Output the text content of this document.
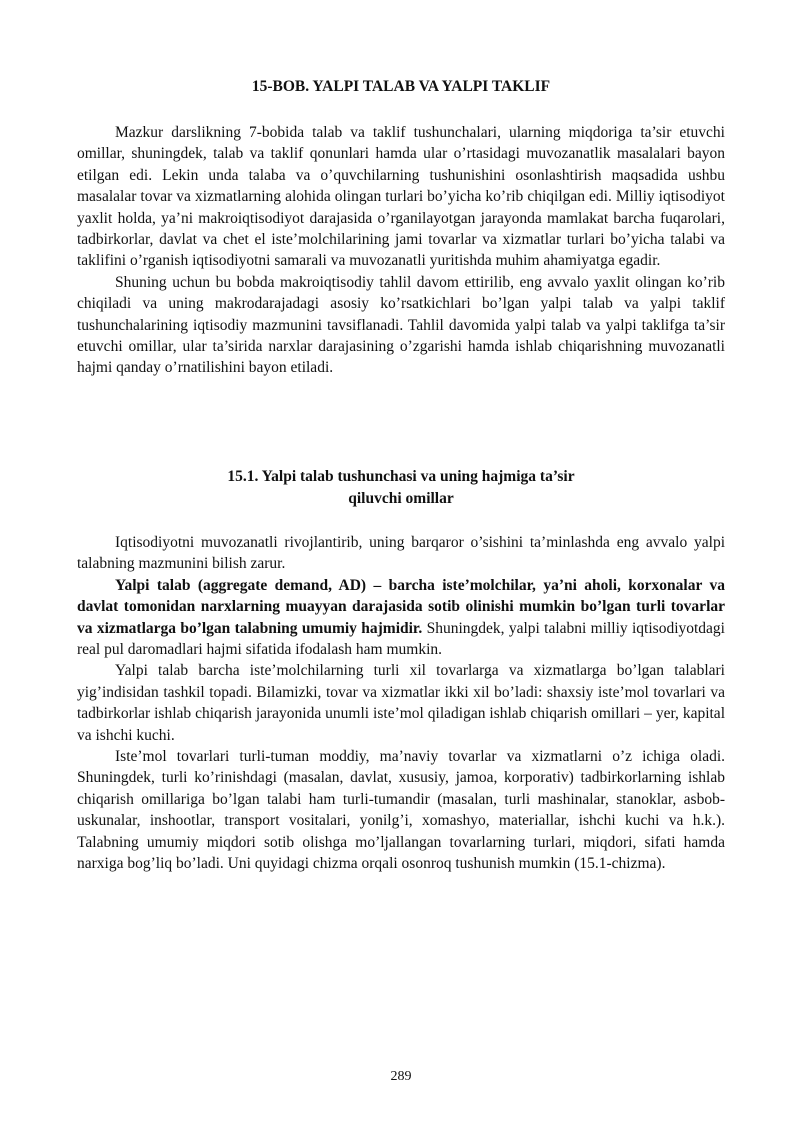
15-BOB. YALPI TALAB VA YALPI TAKLIF

Mazkur darslikning 7-bobida talab va taklif tushunchalari, ularning miqdoriga ta’sir etuvchi omillar, shuningdek, talab va taklif qonunlari hamda ular o’rtasidagi muvozanatlik masalalari bayon etilgan edi. Lekin unda talaba va o’quvchilarning tushunishini osonlashtirish maqsadida ushbu masalalar tovar va xizmatlarning alohida olingan turlari bo’yicha ko’rib chiqilgan edi. Milliy iqtisodiyot yaxlit holda, ya’ni makroiqtisodiyot darajasida o’rganilayotgan jarayonda mamlakat barcha fuqarolari, tadbirkorlar, davlat va chet el iste’molchilarining jami tovarlar va xizmatlar turlari bo’yicha talabi va taklifini o’rganish iqtisodiyotni samarali va muvozanatli yuritishda muhim ahamiyatga egadir.

Shuning uchun bu bobda makroiqtisodiy tahlil davom ettirilib, eng avvalo yaxlit olingan ko’rib chiqiladi va uning makrodarajadagi asosiy ko’rsatkichlari bo’lgan yalpi talab va yalpi taklif tushunchalarining iqtisodiy mazmunini tavsiflanadi. Tahlil davomida yalpi talab va yalpi taklifga ta’sir etuvchi omillar, ular ta’sirida narxlar darajasining o’zgarishi hamda ishlab chiqarishning muvozanatli hajmi qanday o’rnatilishini bayon etiladi.

15.1. Yalpi talab tushunchasi va uning hajmiga ta’sir
qiluvchi omillar

Iqtisodiyotni muvozanatli rivojlantirib, uning barqaror o’sishini ta’minlashda eng avvalo yalpi talabning mazmunini bilish zarur.

Yalpi talab (aggregate demand, AD) – barcha iste’molchilar, ya’ni aholi, korxonalar va davlat tomonidan narxlarning muayyan darajasida sotib olinishi mumkin bo’lgan turli tovarlar va xizmatlarga bo’lgan talabning umumiy hajmidir. Shuningdek, yalpi talabni milliy iqtisodiyotdagi real pul daromadlari hajmi sifatida ifodalash ham mumkin.

Yalpi talab barcha iste’molchilarning turli xil tovarlarga va xizmatlarga bo’lgan talablari yig’indisidan tashkil topadi. Bilamizki, tovar va xizmatlar ikki xil bo’ladi: shaxsiy iste’mol tovarlari va tadbirkorlar ishlab chiqarish jarayonida unumli iste’mol qiladigan ishlab chiqarish omillari – yer, kapital va ishchi kuchi.

Iste’mol tovarlari turli-tuman moddiy, ma’naviy tovarlar va xizmatlarni o’z ichiga oladi. Shuningdek, turli ko’rinishdagi (masalan, davlat, xususiy, jamoa, korporativ) tadbirkorlarning ishlab chiqarish omillariga bo’lgan talabi ham turli-tumandir (masalan, turli mashinalar, stanoklar, asbob-uskunalar, inshootlar, transport vositalari, yonilg’i, xomashyo, materiallar, ishchi kuchi va h.k.). Talabning umumiy miqdori sotib olishga mo’ljallangan tovarlarning turlari, miqdori, sifati hamda narxiga bog’liq bo’ladi. Uni quyidagi chizma orqali osonroq tushunish mumkin (15.1-chizma).

289
